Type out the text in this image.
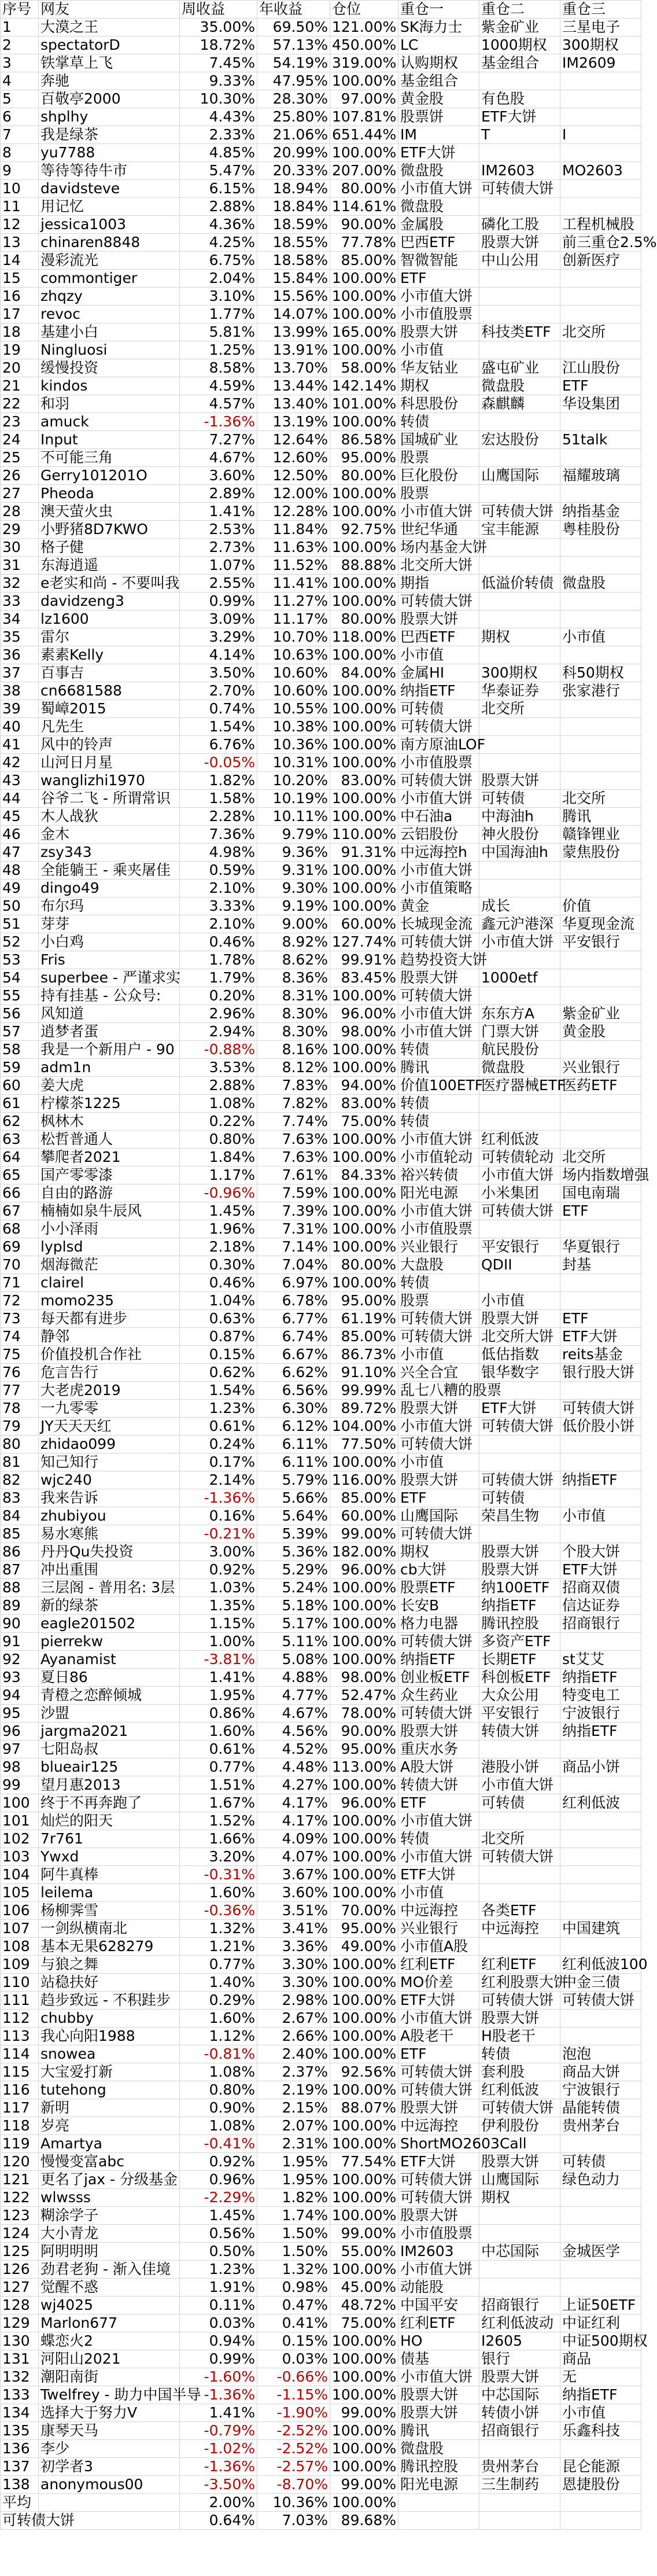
序号	网友	周收益	年收益	仓位	重仓一	重仓二	重仓三
1	大漠之王	35.00%	69.50%	121.00%	SK海力士	紫金矿业	三星电子
2	spectatorD	18.72%	57.13%	450.00%	LC	1000期权	300期权
3	铁掌草上飞	7.45%	54.19%	319.00%	认购期权	基金组合	IM2609
4	奔驰	9.33%	47.95%	100.00%	基金组合		
5	百敬亭2000	10.30%	28.30%	97.00%	黄金股	有色股	
6	shplhy	4.43%	25.80%	107.81%	股票饼	ETF大饼	
7	我是绿茶	2.33%	21.06%	651.44%	IM	T	I
8	yu7788	4.85%	20.99%	100.00%	ETF大饼		
9	等待等待牛市	5.47%	20.33%	207.00%	微盘股	IM2603	MO2603
10	davidsteve	6.15%	18.94%	80.00%	小市值大饼	可转债大饼	
11	用记忆	2.88%	18.84%	114.61%	微盘股		
12	jessica1003	4.36%	18.59%	90.00%	金属股	磷化工股	工程机械股
13	chinaren8848	4.25%	18.55%	77.78%	巴西ETF	股票大饼	前三重仓2.5%
14	漫彩流光	6.75%	18.58%	85.00%	智微智能	中山公用	创新医疗
15	commontiger	2.04%	15.84%	100.00%	ETF		
16	zhqzy	3.10%	15.56%	100.00%	小市值大饼		
17	revoc	1.77%	14.07%	100.00%	小市值股票		
18	基建小白	5.81%	13.99%	165.00%	股票大饼	科技类ETF	北交所
19	Ningluosi	1.25%	13.91%	100.00%	小市值		
20	缓慢投资	8.58%	13.70%	58.00%	华友钴业	盛屯矿业	江山股份
21	kindos	4.59%	13.44%	142.14%	期权	微盘股	ETF
22	和羽	4.57%	13.40%	101.00%	科思股份	森麒麟	华设集团
23	amuck	-1.36%	13.19%	100.00%	转债		
24	Input	7.27%	12.64%	86.58%	国城矿业	宏达股份	51talk
25	不可能三角	4.67%	12.60%	95.00%	股票		
26	Gerry101201O	3.60%	12.50%	80.00%	巨化股份	山鹰国际	福耀玻璃
27	Pheoda	2.89%	12.00%	100.00%	股票		
28	澳天萤火虫	1.41%	12.28%	100.00%	小市值大饼	可转债大饼	纳指基金
29	小野猪8D7KWO	2.53%	11.84%	92.75%	世纪华通	宝丰能源	粤桂股份
30	格子健	2.73%	11.63%	100.00%	场内基金大饼		
31	东海逍遥	1.07%	11.52%	88.88%	北交所大饼		
32	e老实和尚 - 不要叫我	2.55%	11.41%	100.00%	期指	低溢价转债	微盘股
33	davidzeng3	0.99%	11.27%	100.00%	可转债大饼		
34	lz1600	3.09%	11.17%	80.00%	股票大饼		
35	雷尔	3.29%	10.70%	118.00%	巴西ETF	期权	小市值
36	素素Kelly	4.14%	10.63%	100.00%	小市值		
37	百事吉	3.50%	10.60%	84.00%	金属HI	300期权	科50期权
38	cn6681588	2.70%	10.60%	100.00%	纳指ETF	华泰证券	张家港行
39	蜀嶂2015	0.74%	10.55%	100.00%	可转债	北交所	
40	凡先生	1.54%	10.38%	100.00%	可转债大饼		
41	风中的铃声	6.76%	10.36%	100.00%	南方原油LOF		
42	山河日月星	-0.05%	10.31%	100.00%	小市值股票		
43	wanglizhi1970	1.82%	10.20%	83.00%	可转债大饼	股票大饼	
44	谷爷二飞 - 所谓常识	1.58%	10.19%	100.00%	小市值大饼	可转债	北交所
45	木人战狄	2.28%	10.11%	100.00%	中石油a	中海油h	腾讯
46	金木	7.36%	9.79%	110.00%	云铝股份	神火股份	赣锋锂业
47	zsy343	4.98%	9.36%	91.31%	中远海控h	中国海油h	蒙焦股份
48	全能躺王 - 乘夹屠佳	0.59%	9.31%	100.00%	小市值大饼		
49	dingo49	2.10%	9.30%	100.00%	小市值策略		
50	布尔玛	3.33%	9.19%	100.00%	黄金	成长	价值
51	芽芽	2.10%	9.00%	60.00%	长城现金流	鑫元沪港深	华夏现金流
52	小白鸡	0.46%	8.92%	127.74%	可转债大饼	小市值大饼	平安银行
53	Fris	1.78%	8.62%	99.91%	趋势投资大饼		
54	superbee - 严谨求实	1.79%	8.36%	83.45%	股票大饼	1000etf	
55	持有挂基 - 公众号:	0.20%	8.31%	100.00%	可转债大饼		
56	风知道	2.96%	8.30%	96.00%	小市值大饼	东东方A	紫金矿业
57	逍梦者蛋	2.94%	8.30%	98.00%	小市值大饼	门票大饼	黄金股
58	我是一个新用户 - 90	-0.88%	8.16%	100.00%	转债	航民股份	
59	adm1n	3.53%	8.12%	100.00%	腾讯	微盘股	兴业银行
60	姜大虎	2.88%	7.83%	94.00%	价值100ETF	医疗器械ETF	医药ETF
61	柠檬茶1225	1.08%	7.82%	83.00%	转债		
62	枫林木	0.22%	7.74%	75.00%	转债		
63	松哲普通人	0.80%	7.63%	100.00%	小市值大饼	红利低波	
64	攀爬者2021	1.84%	7.63%	100.00%	小市值轮动	可转债轮动	北交所
65	国产零零漆	1.17%	7.61%	84.33%	裕兴转债	小市值大饼	场内指数增强
66	自由的路游	-0.96%	7.59%	100.00%	阳光电源	小米集团	国电南瑞
67	楠楠如泉牛辰风	1.45%	7.39%	100.00%	小市值大饼	可转债大饼	ETF
68	小小泽雨	1.96%	7.31%	100.00%	小市值股票		
69	lyplsd	2.18%	7.14%	100.00%	兴业银行	平安银行	华夏银行
70	烟海微茫	0.30%	7.04%	80.00%	大盘股	QDII	封基
71	clairel	0.46%	6.97%	100.00%	转债		
72	momo235	1.04%	6.78%	95.00%	股票	小市值	
73	每天都有进步	0.63%	6.77%	61.19%	可转债大饼	股票大饼	ETF
74	静邻	0.87%	6.74%	85.00%	可转债大饼	北交所大饼	ETF大饼
75	价值投机合作社	0.15%	6.67%	86.73%	小市值	低估指数	reits基金
76	危言告行	0.62%	6.62%	91.10%	兴全合宜	银华数字	银行股大饼
77	大老虎2019	1.54%	6.56%	99.99%	乱七八糟的股票		
78	一九零零	1.23%	6.30%	89.72%	股票大饼	ETF大饼	可转债大饼
79	JY天天天红	0.61%	6.12%	104.00%	小市值大饼	可转债大饼	低价股小饼
80	zhidao099	0.24%	6.11%	77.50%	可转债大饼		
81	知己知行	0.17%	6.11%	100.00%	小市值		
82	wjc240	2.14%	5.79%	116.00%	股票大饼	可转债大饼	纳指ETF
83	我来告诉	-1.36%	5.66%	85.00%	ETF	可转债	
84	zhubiyou	0.16%	5.64%	60.00%	山鹰国际	荣昌生物	小市值
85	易水寒熊	-0.21%	5.39%	99.00%	可转债大饼		
86	丹丹Qu失投资	3.00%	5.36%	182.00%	期权	股票大饼	个股大饼
87	冲出重围	0.92%	5.29%	96.00%	cb大饼	股票大饼	ETF大饼
88	三层阁 - 普用名: 3层	1.03%	5.24%	100.00%	股票ETF	纳100ETF	招商双债
89	新的绿茶	1.35%	5.18%	100.00%	长安B	纳指ETF	信达证券
90	eagle201502	1.15%	5.17%	100.00%	格力电器	腾讯控股	招商银行
91	pierrekw	1.00%	5.11%	100.00%	可转债大饼	多资产ETF	
92	Ayanamist	-3.81%	5.08%	100.00%	纳指ETF	长期ETF	st艾艾
93	夏日86	1.41%	4.88%	98.00%	创业板ETF	科创板ETF	纳指ETF
94	青橙之恋醉倾城	1.95%	4.77%	52.47%	众生药业	大众公用	特变电工
95	沙盟	0.86%	4.67%	78.00%	可转债大饼	平安银行	宁波银行
96	jargma2021	1.60%	4.56%	90.00%	股票大饼	转债大饼	纳指ETF
97	七阳岛叔	0.61%	4.52%	95.00%	重庆水务		
98	blueair125	0.77%	4.48%	113.00%	A股大饼	港股小饼	商品小饼
99	望月惠2013	1.51%	4.27%	100.00%	转债大饼	小市值大饼	
100	终于不再奔跑了	1.67%	4.17%	96.00%	ETF	可转债	红利低波
101	灿烂的阳天	1.52%	4.17%	100.00%	小市值大饼		
102	7r761	1.66%	4.09%	100.00%	转债	北交所	
103	Ywxd	3.20%	4.07%	100.00%	小市值大饼	可转债大饼	
104	阿牛真棒	-0.31%	3.67%	100.00%	ETF大饼		
105	leilema	1.60%	3.60%	100.00%	小市值		
106	杨柳霁雪	-0.36%	3.51%	70.00%	中远海控	各类ETF	
107	一剑纵横南北	1.32%	3.41%	95.00%	兴业银行	中远海控	中国建筑
108	基本无果628279	1.21%	3.36%	49.00%	小市值A股		
109	与狼之舞	0.77%	3.30%	100.00%	红利ETF	红利ETF	红利低波100
110	站稳扶好	1.40%	3.30%	100.00%	MO价差	红利股票大饼	中金三债
111	趋步致远 - 不积跬步	0.29%	2.98%	100.00%	ETF大饼	可转债大饼	可转债大饼
112	chubby	1.60%	2.67%	100.00%	小市值大饼	股票大饼	
113	我心向阳1988	1.12%	2.66%	100.00%	A股老干	H股老干	
114	snowea	-0.81%	2.40%	100.00%	ETF	转债	泡泡
115	大宝爱打新	1.08%	2.37%	92.56%	可转债大饼	套利股	商品大饼
116	tutehong	0.80%	2.19%	100.00%	可转债大饼	红利低波	宁波银行
117	新明	0.90%	2.15%	88.07%	股票大饼	可转债大饼	晶能转债
118	岁亮	1.08%	2.07%	100.00%	中远海控	伊利股份	贵州茅台
119	Amartya	-0.41%	2.31%	100.00%	ShortMO2603Call		
120	慢慢变富abc	0.92%	1.95%	77.54%	ETF大饼	股票大饼	可转债
121	更名了jax - 分级基金	0.96%	1.95%	100.00%	可转债大饼	山鹰国际	绿色动力
122	wlwsss	-2.29%	1.82%	100.00%	可转债大饼	期权	
123	糊涂学子	1.45%	1.74%	100.00%	股票大饼		
124	大小青龙	0.56%	1.50%	99.00%	小市值股票		
125	阿明明明	0.50%	1.50%	55.00%	IM2603	中芯国际	金城医学
126	劲君老狗 - 渐入佳境	1.23%	1.32%	100.00%	小市值大饼		
127	觉醒不惑	1.91%	0.98%	45.00%	动能股		
128	wj4025	0.11%	0.47%	48.72%	中国平安	招商银行	上证50ETF
129	Marlon677	0.03%	0.41%	75.00%	红利ETF	红利低波动	中证红利
130	蝶恋火2	0.94%	0.15%	100.00%	HO	I2605	中证500期权
131	河阳山2021	0.99%	0.03%	100.00%	债基	银行	商品
132	潮阳南街	-1.60%	-0.66%	100.00%	小市值大饼	股票大饼	无
133	Twelfrey - 助力中国半导	-1.36%	-1.15%	100.00%	股票大饼	中芯国际	纳指ETF
134	选择大于努力V	1.41%	-1.90%	99.00%	股票大饼	转债小饼	小市值
135	康琴天马	-0.79%	-2.52%	100.00%	腾讯	招商银行	乐鑫科技
136	李少	-1.02%	-2.52%	100.00%	微盘股		
137	初学者3	-1.36%	-2.57%	100.00%	腾讯控股	贵州茅台	昆仑能源
138	anonymous00	-3.50%	-8.70%	99.00%	阳光电源	三生制药	恩捷股份
平均		2.00%	10.36%	100.00%			
可转债大饼		0.64%	7.03%	89.68%			
